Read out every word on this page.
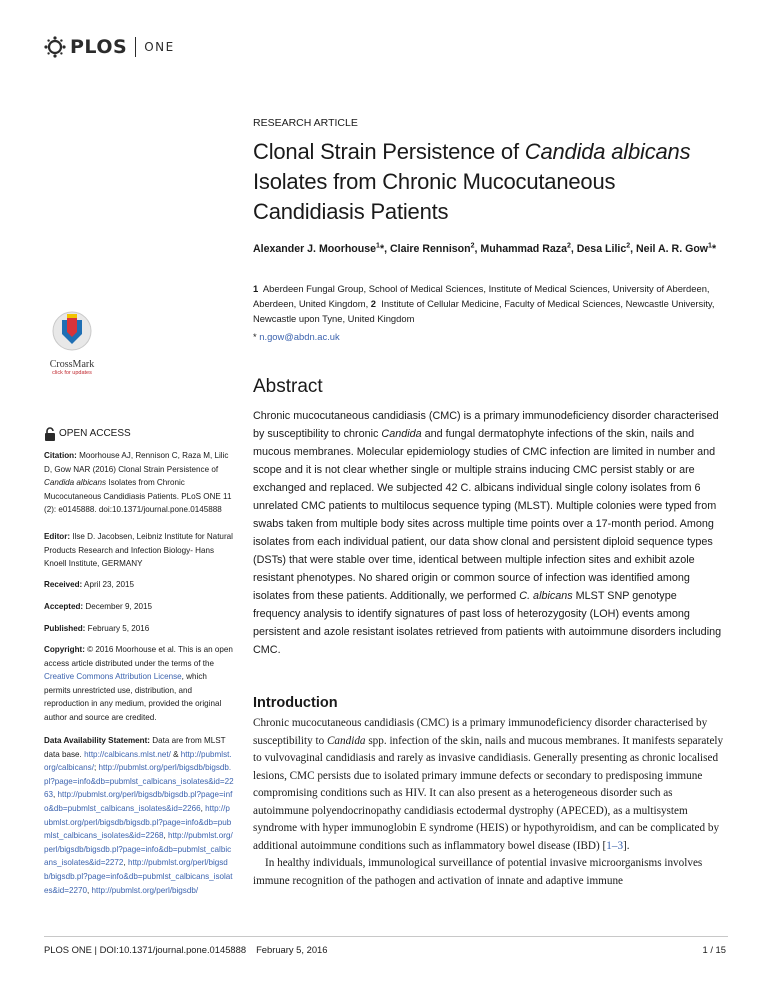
PLOS ONE
RESEARCH ARTICLE
Clonal Strain Persistence of Candida albicans Isolates from Chronic Mucocutaneous Candidiasis Patients
Alexander J. Moorhouse$^1$*, Claire Rennison$^2$, Muhammad Raza$^2$, Desa Lilic$^2$, Neil A. R. Gow$^1$*
1 Aberdeen Fungal Group, School of Medical Sciences, Institute of Medical Sciences, University of Aberdeen, Aberdeen, United Kingdom, 2 Institute of Cellular Medicine, Faculty of Medical Sciences, Newcastle University, Newcastle upon Tyne, United Kingdom
* n.gow@abdn.ac.uk
Abstract
Chronic mucocutaneous candidiasis (CMC) is a primary immunodeficiency disorder characterised by susceptibility to chronic Candida and fungal dermatophyte infections of the skin, nails and mucous membranes. Molecular epidemiology studies of CMC infection are limited in number and scope and it is not clear whether single or multiple strains inducing CMC persist stably or are exchanged and replaced. We subjected 42 C. albicans individual single colony isolates from 6 unrelated CMC patients to multilocus sequence typing (MLST). Multiple colonies were typed from swabs taken from multiple body sites across multiple time points over a 17-month period. Among isolates from each individual patient, our data show clonal and persistent diploid sequence types (DSTs) that were stable over time, identical between multiple infection sites and exhibit azole resistant phenotypes. No shared origin or common source of infection was identified among isolates from these patients. Additionally, we performed C. albicans MLST SNP genotype frequency analysis to identify signatures of past loss of heterozygosity (LOH) events among persistent and azole resistant isolates retrieved from patients with autoimmune disorders including CMC.
Introduction

Chronic mucocutaneous candidiasis (CMC) is a primary immunodeficiency disorder characterised by susceptibility to Candida spp. infection of the skin, nails and mucous membranes. It manifests separately to vulvovaginal candidiasis and rarely as invasive candidiasis. Generally presenting as chronic localised lesions, CMC persists due to isolated primary immune defects or secondary to predisposing immune compromising conditions such as HIV. It can also present as a heterogeneous disorder such as autoimmune polyendocrinopathy candidiasis ectodermal dystrophy (APECED), as a multisystem syndrome with hyper immunoglobin E syndrome (HEIS) or hypothyroidism, and can be complicated by additional autoimmune conditions such as inflammatory bowel disease (IBD) [1–3].

In healthy individuals, immunological surveillance of potential invasive microorganisms involves immune recognition of the pathogen and activation of innate and adaptive immune

CrossMark
click for updates
OPEN ACCESS
Citation: Moorhouse AJ, Rennison C, Raza M, Lilic D, Gow NAR (2016) Clonal Strain Persistence of Candida albicans Isolates from Chronic Mucocutaneous Candidiasis Patients. PLoS ONE 11 (2): e0145888. doi:10.1371/journal.pone.0145888
Editor: Ilse D. Jacobsen, Leibniz Institute for Natural Products Research and Infection Biology- Hans Knoell Institute, GERMANY
Received: April 23, 2015
Accepted: December 9, 2015
Published: February 5, 2016
Copyright: © 2016 Moorhouse et al. This is an open access article distributed under the terms of the Creative Commons Attribution License, which permits unrestricted use, distribution, and reproduction in any medium, provided the original author and source are credited.
Data Availability Statement: Data are from MLST data base. http://calbicans.mlst.net/ & http://pubmlst.org/calbicans/; http://pubmlst.org/perl/bigsdb/bigsdb.pl?page=info&db=pubmlst_calbicans_isolates&id=2263, http://pubmlst.org/perl/bigsdb/bigsdb.pl?page=info&db=pubmlst_calbicans_isolates&id=2266, http://pubmlst.org/perl/bigsdb/bigsdb.pl?page=info&db=pubmlst_calbicans_isolates&id=2268, http://pubmlst.org/perl/bigsdb/bigsdb.pl?page=info&db=pubmlst_calbicans_isolates&id=2272, http://pubmlst.org/perl/bigsdb/bigsdb.pl?page=info&db=pubmlst_calbicans_isolates&id=2270, http://pubmlst.org/perl/bigsdb/
PLOS ONE | DOI:10.1371/journal.pone.0145888 February 5, 2016	1 / 15
